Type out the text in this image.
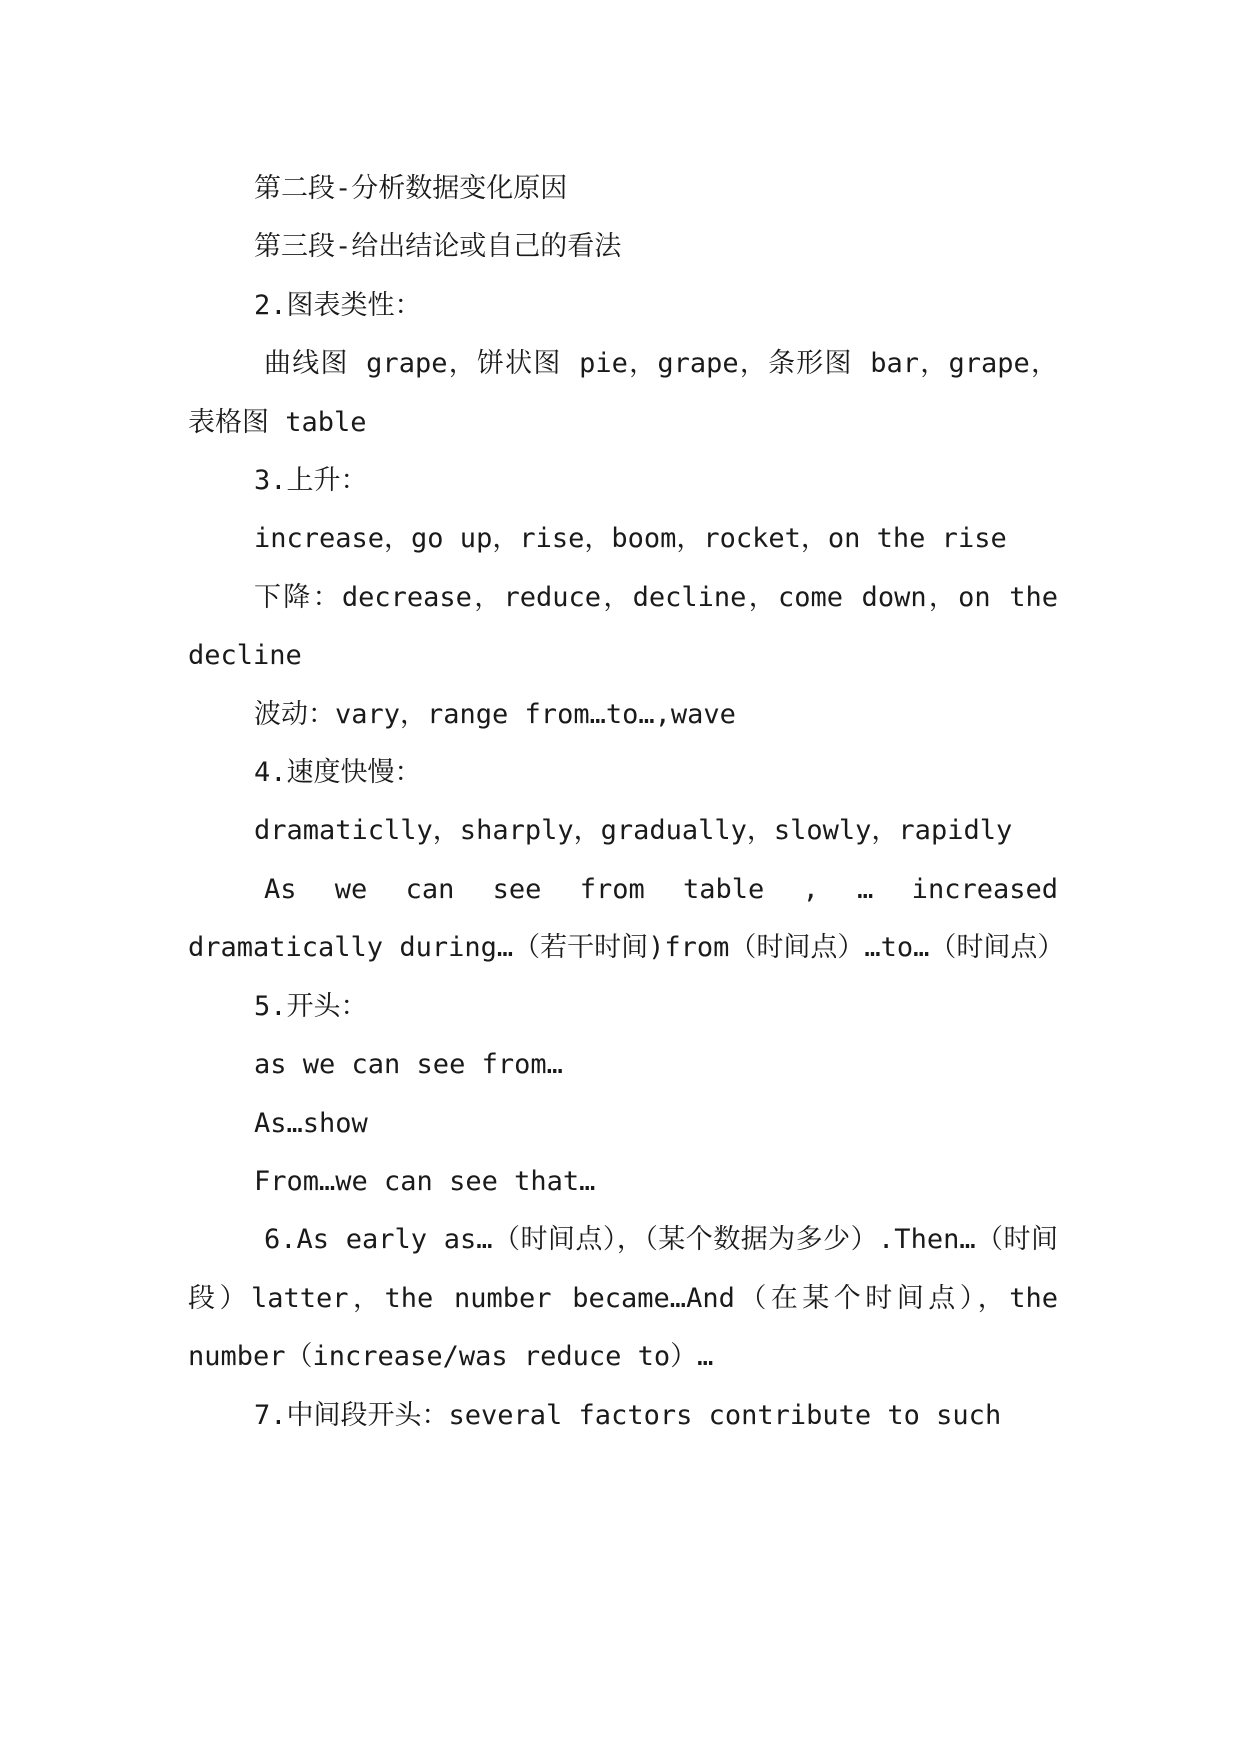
第二段-分析数据变化原因

第三段-给出结论或自己的看法

2.图表类性：

曲线图 grape，饼状图 pie，grape，条形图 bar，grape，表格图 table

3.上升：

increase，go up，rise，boom，rocket，on the rise

下降：decrease，reduce，decline，come down，on the decline

波动：vary，range from…to…,wave

4.速度快慢：

dramaticlly，sharply，gradually，slowly，rapidly

As we can see from table , … increased dramatically during…（若干时间)from（时间点）…to…（时间点）

5.开头：

as we can see from…

As…show

From…we can see that…

6.As early as…（时间点），（某个数据为多少）.Then…（时间段）latter，the number became…And（在某个时间点），the number（increase/was reduce to）…

7.中间段开头：several factors contribute to such
